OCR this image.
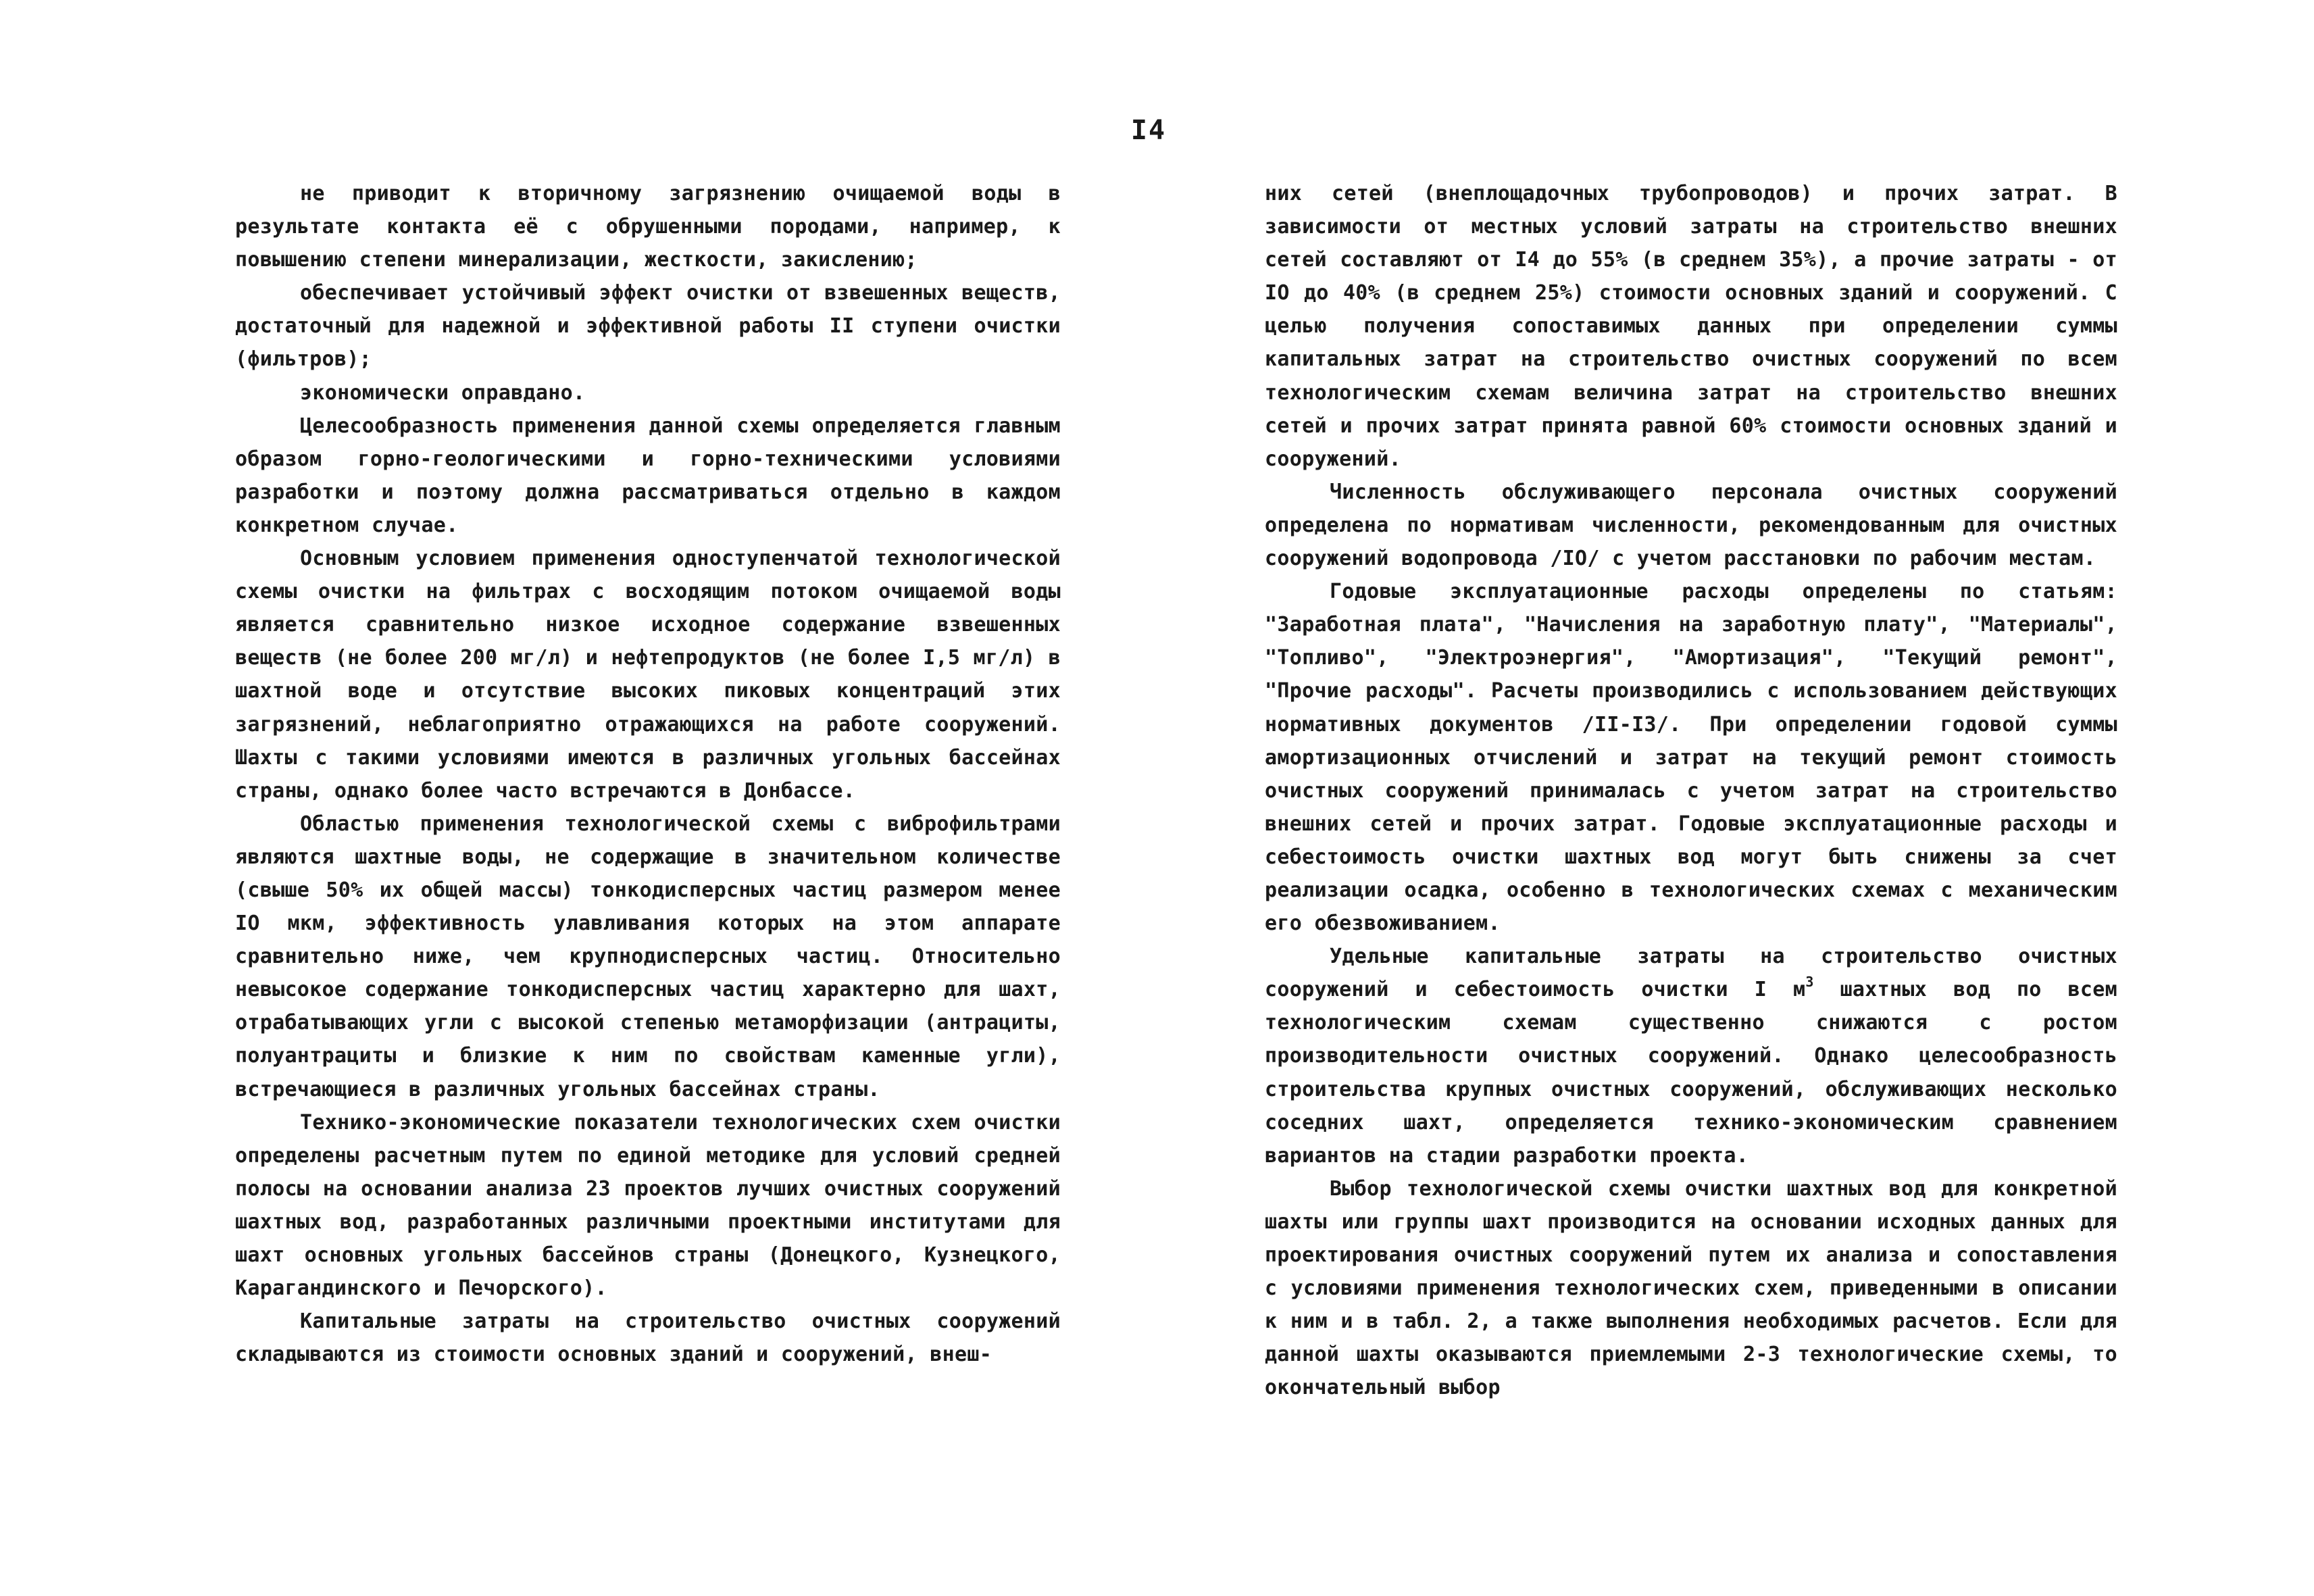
I4

не приводит к вторичному загрязнению очищаемой воды в результате контакта её с обрушенными породами, например, к повышению степени минерализации, жесткости, закислению;

обеспечивает устойчивый эффект очистки от взвешенных веществ, достаточный для надежной и эффективной работы II ступени очистки (фильтров);

экономически оправдано.

Целесообразность применения данной схемы определяется главным образом горно-геологическими и горно-техническими условиями разработки и поэтому должна рассматриваться отдельно в каждом конкретном случае.

Основным условием применения одноступенчатой технологической схемы очистки на фильтрах с восходящим потоком очищаемой воды является сравнительно низкое исходное содержание взвешенных веществ (не более 200 мг/л) и нефтепродуктов (не более I,5 мг/л) в шахтной воде и отсутствие высоких пиковых концентраций этих загрязнений, неблагоприятно отражающихся на работе сооружений. Шахты с такими условиями имеются в различных угольных бассейнах страны, однако более часто встречаются в Донбассе.

Областью применения технологической схемы с виброфильтрами являются шахтные воды, не содержащие в значительном количестве (свыше 50% их общей массы) тонкодисперсных частиц размером менее IO мкм, эффективность улавливания которых на этом аппарате сравнительно ниже, чем крупнодисперсных частиц. Относительно невысокое содержание тонкодисперсных частиц характерно для шахт, отрабатывающих угли с высокой степенью метаморфизации (антрациты, полуантрациты и близкие к ним по свойствам каменные угли), встречающиеся в различных угольных бассейнах страны.

Технико-экономические показатели технологических схем очистки определены расчетным путем по единой методике для условий средней полосы на основании анализа 23 проектов лучших очистных сооружений шахтных вод, разработанных различными проектными институтами для шахт основных угольных бассейнов страны (Донецкого, Кузнецкого, Карагандинского и Печорского).

Капитальные затраты на строительство очистных сооружений складываются из стоимости основных зданий и сооружений, внеш-

них сетей (внеплощадочных трубопроводов) и прочих затрат. В зависимости от местных условий затраты на строительство внешних сетей составляют от I4 до 55% (в среднем 35%), а прочие затраты - от IO до 40% (в среднем 25%) стоимости основных зданий и сооружений. С целью получения сопоставимых данных при определении суммы капитальных затрат на строительство очистных сооружений по всем технологическим схемам величина затрат на строительство внешних сетей и прочих затрат принята равной 60% стоимости основных зданий и сооружений.

Численность обслуживающего персонала очистных сооружений определена по нормативам численности, рекомендованным для очистных сооружений водопровода /IO/ с учетом расстановки по рабочим местам.

Годовые эксплуатационные расходы определены по статьям: "Заработная плата", "Начисления на заработную плату", "Материалы", "Топливо", "Электроэнергия", "Амортизация", "Текущий ремонт", "Прочие расходы". Расчеты производились с использованием действующих нормативных документов /II-I3/. При определении годовой суммы амортизационных отчислений и затрат на текущий ремонт стоимость очистных сооружений принималась с учетом затрат на строительство внешних сетей и прочих затрат. Годовые эксплуатационные расходы и себестоимость очистки шахтных вод могут быть снижены за счет реализации осадка, особенно в технологических схемах с механическим его обезвоживанием.

Удельные капитальные затраты на строительство очистных сооружений и себестоимость очистки I $м^3$ шахтных вод по всем технологическим схемам существенно снижаются с ростом производительности очистных сооружений. Однако целесообразность строительства крупных очистных сооружений, обслуживающих несколько соседних шахт, определяется технико-экономическим сравнением вариантов на стадии разработки проекта.

Выбор технологической схемы очистки шахтных вод для конкретной шахты или группы шахт производится на основании исходных данных для проектирования очистных сооружений путем их анализа и сопоставления с условиями применения технологических схем, приведенными в описании к ним и в табл. 2, а также выполнения необходимых расчетов. Если для данной шахты оказываются приемлемыми 2-3 технологические схемы, то окончательный выбор
